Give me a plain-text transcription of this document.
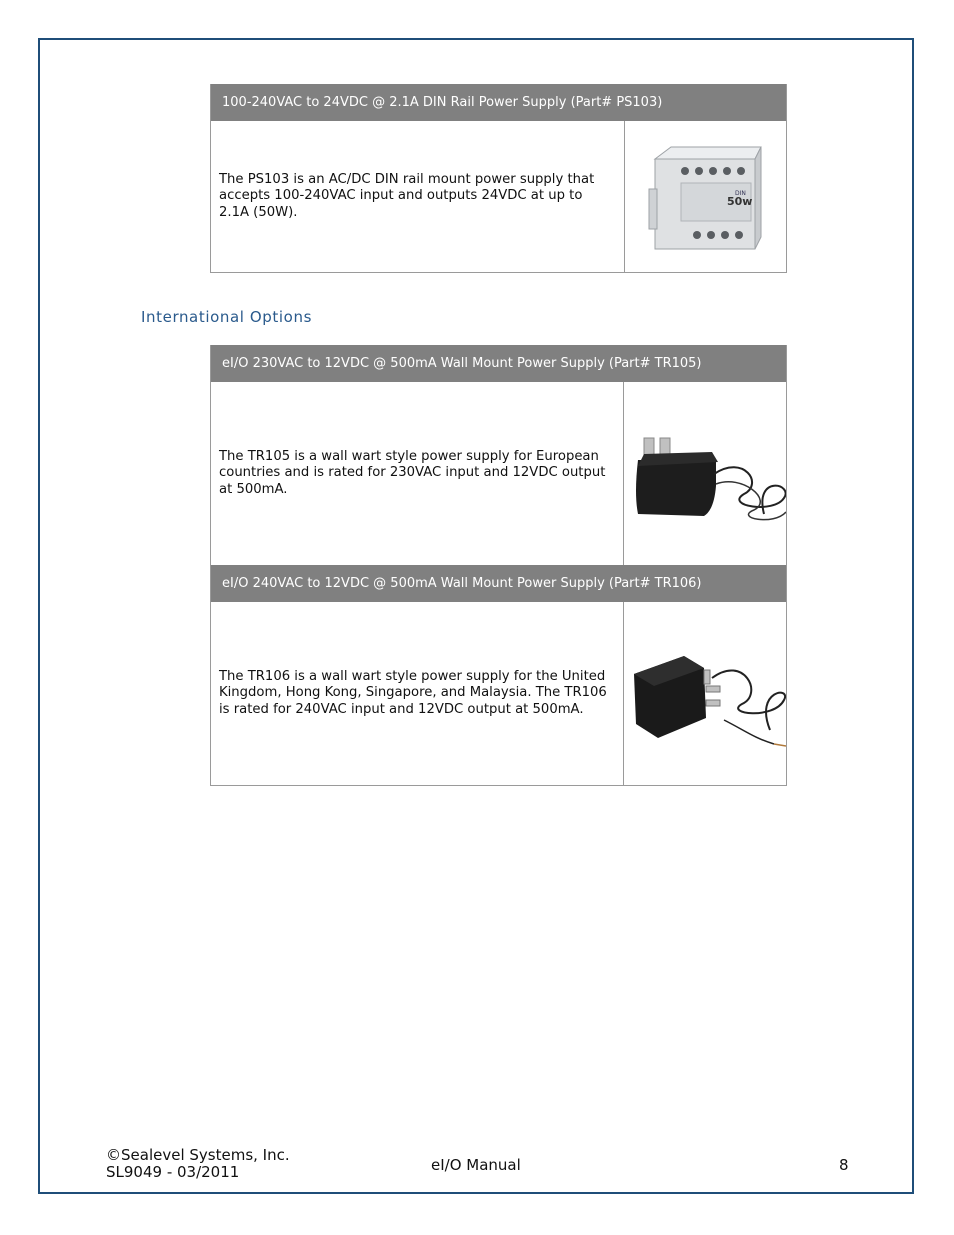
100-240VAC to 24VDC @ 2.1A DIN Rail Power Supply (Part# PS103)
The PS103 is an AC/DC DIN rail mount power supply that accepts 100-240VAC input and outputs 24VDC at up to 2.1A (50W).
50w
DIN
International Options
eI/O 230VAC to 12VDC @ 500mA Wall Mount Power Supply (Part# TR105)
The TR105 is a wall wart style power supply for European countries and is rated for 230VAC input and 12VDC output at 500mA.
eI/O 240VAC to 12VDC @ 500mA Wall Mount Power Supply (Part# TR106)
The TR106 is a wall wart style power supply for the United Kingdom, Hong Kong, Singapore, and Malaysia. The TR106 is rated for 240VAC input and 12VDC output at 500mA.
©Sealevel Systems, Inc.
SL9049 - 03/2011	eI/O Manual	8
